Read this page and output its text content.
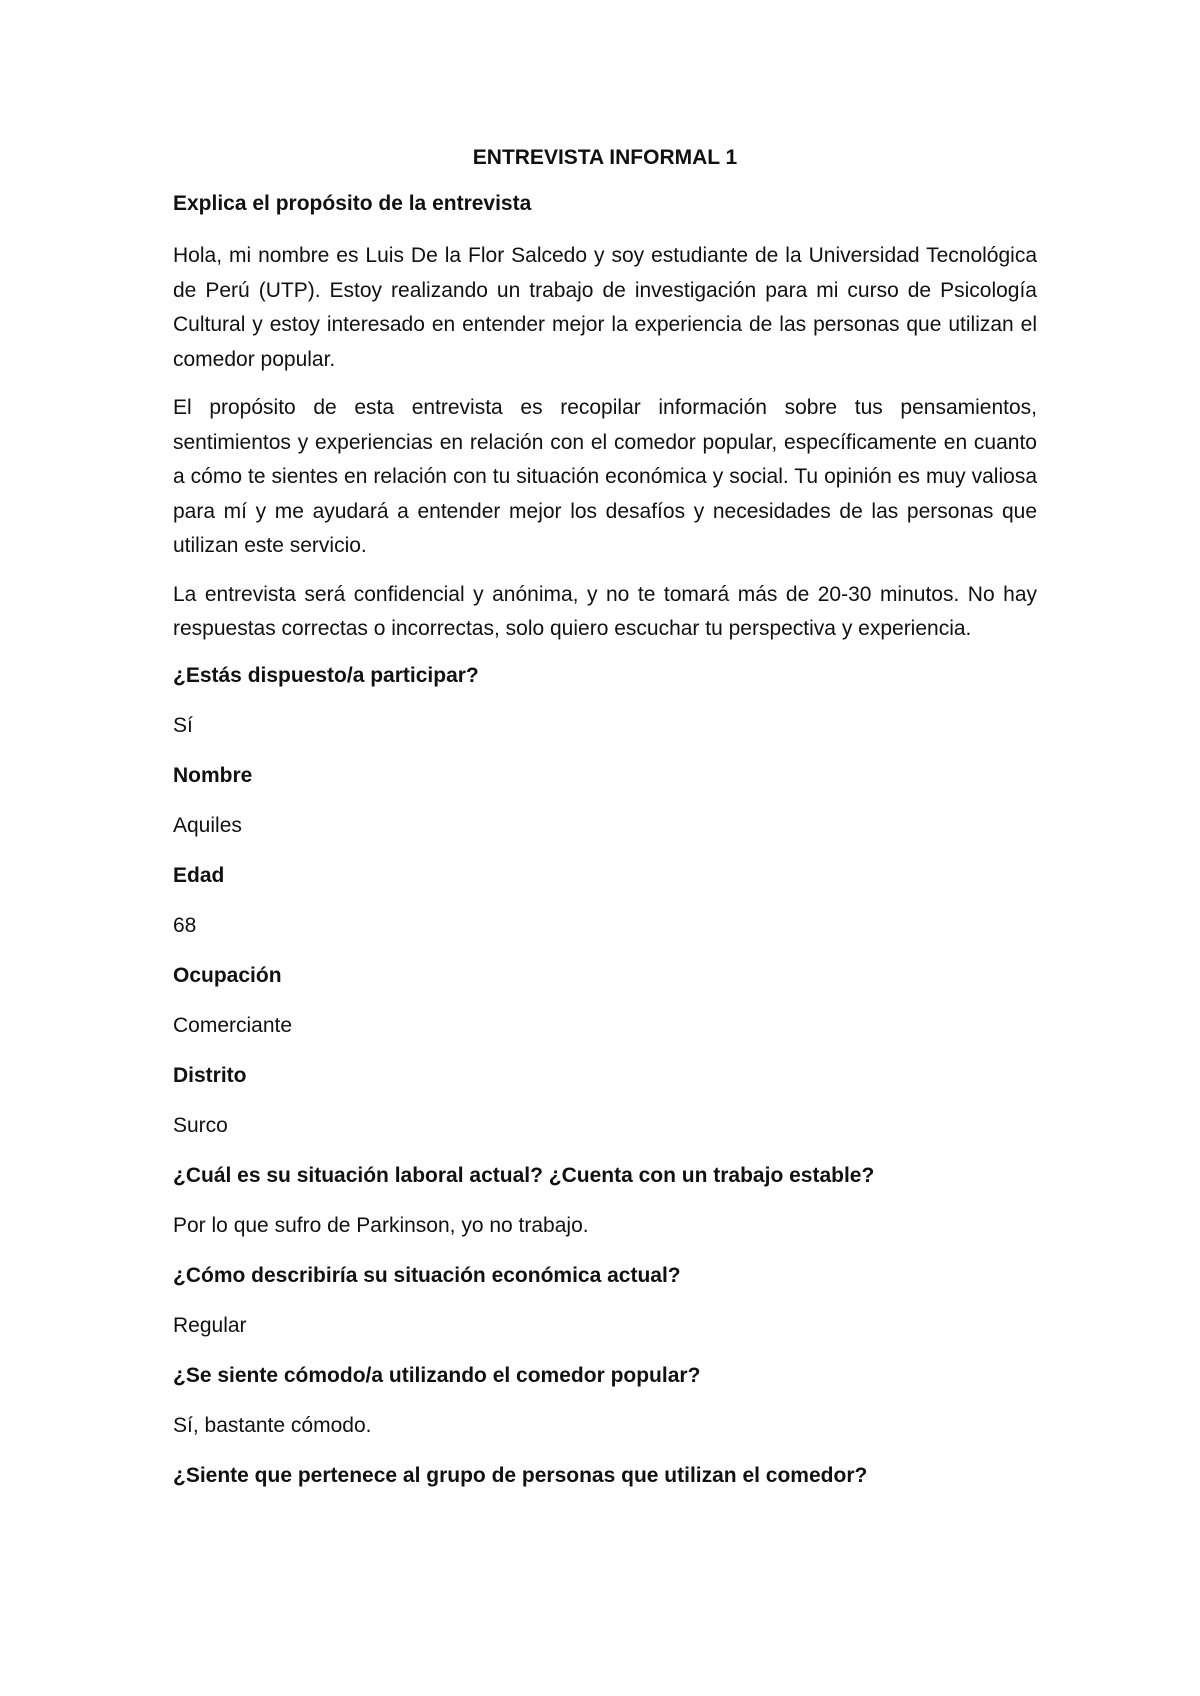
ENTREVISTA INFORMAL 1
Explica el propósito de la entrevista

Hola, mi nombre es Luis De la Flor Salcedo y soy estudiante de la Universidad Tecnológica de Perú (UTP). Estoy realizando un trabajo de investigación para mi curso de Psicología Cultural y estoy interesado en entender mejor la experiencia de las personas que utilizan el comedor popular.

El propósito de esta entrevista es recopilar información sobre tus pensamientos, sentimientos y experiencias en relación con el comedor popular, específicamente en cuanto a cómo te sientes en relación con tu situación económica y social. Tu opinión es muy valiosa para mí y me ayudará a entender mejor los desafíos y necesidades de las personas que utilizan este servicio.

La entrevista será confidencial y anónima, y no te tomará más de 20-30 minutos. No hay respuestas correctas o incorrectas, solo quiero escuchar tu perspectiva y experiencia.

¿Estás dispuesto/a participar?
Sí
Nombre
Aquiles
Edad
68
Ocupación
Comerciante
Distrito
Surco
¿Cuál es su situación laboral actual? ¿Cuenta con un trabajo estable?
Por lo que sufro de Parkinson, yo no trabajo.
¿Cómo describiría su situación económica actual?
Regular
¿Se siente cómodo/a utilizando el comedor popular?
Sí, bastante cómodo.
¿Siente que pertenece al grupo de personas que utilizan el comedor?
